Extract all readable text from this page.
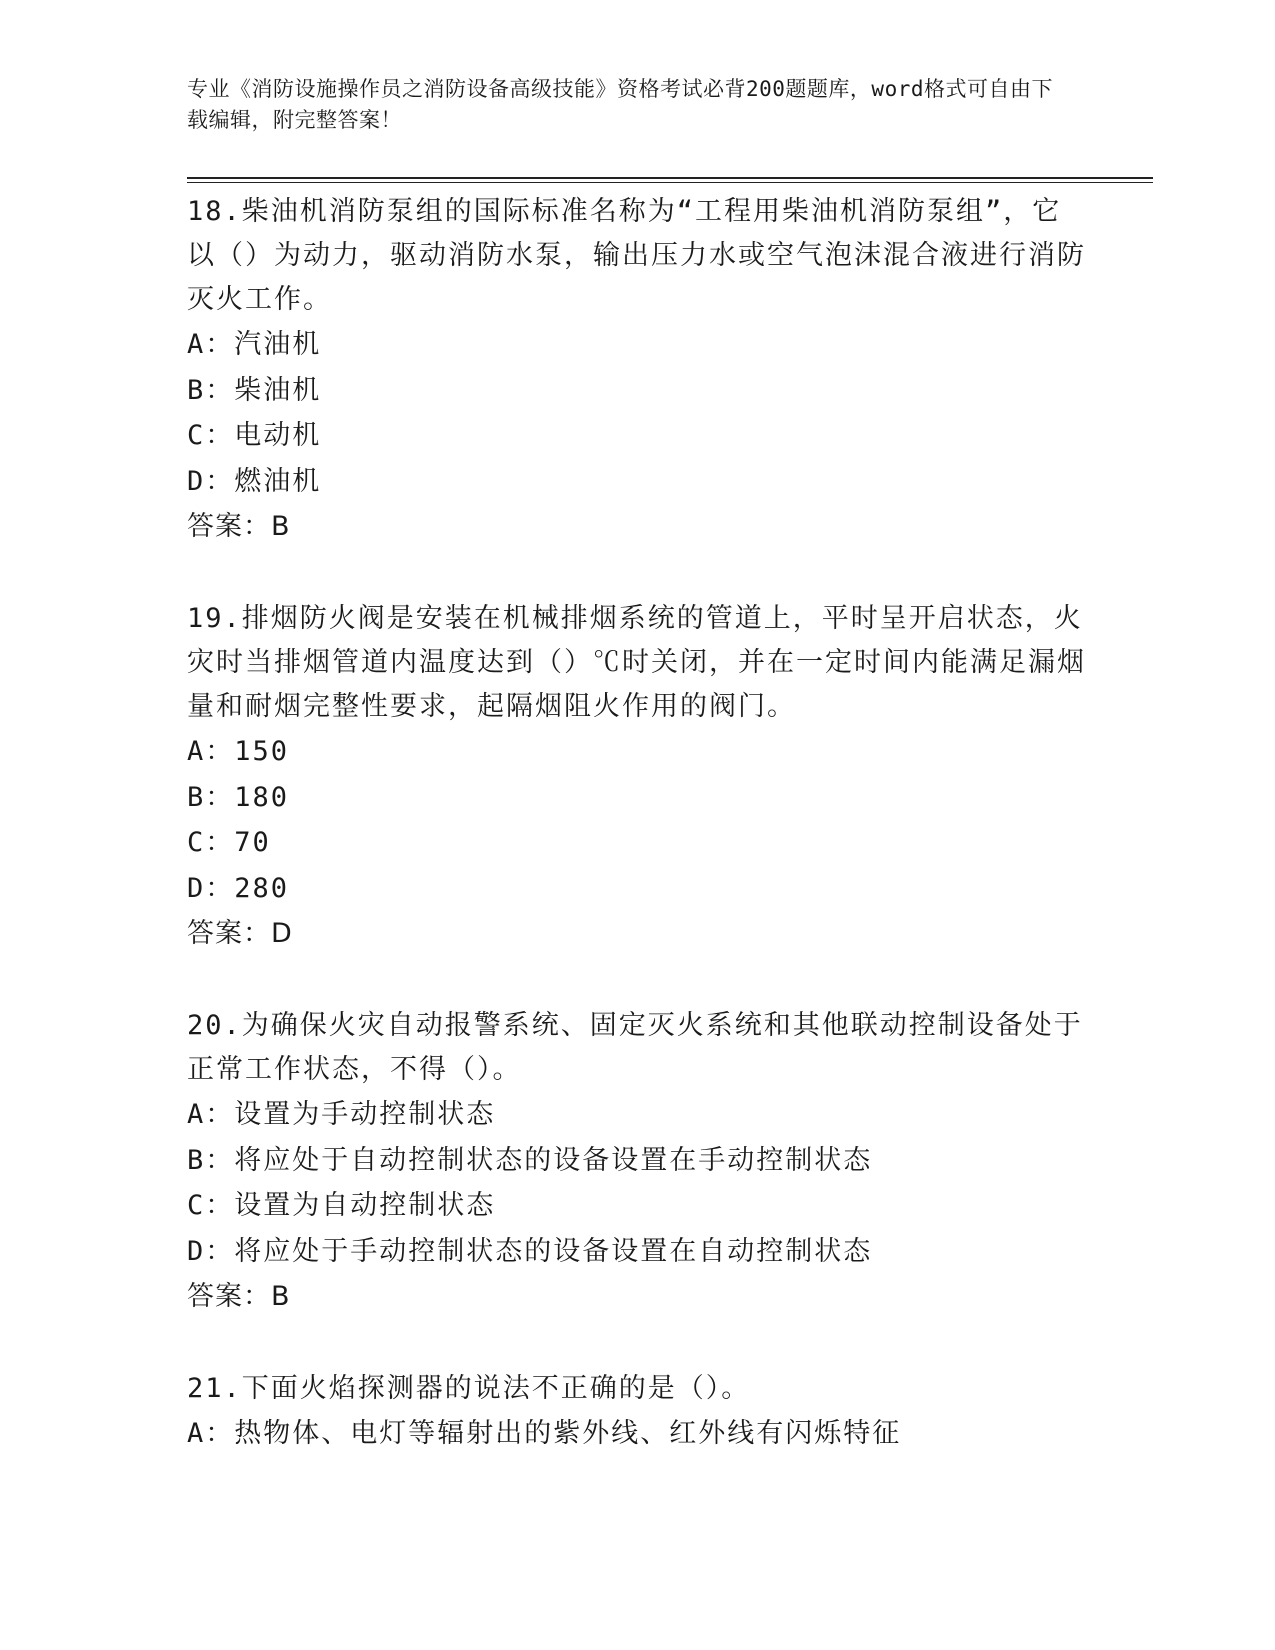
专业《消防设施操作员之消防设备高级技能》资格考试必背200题题库，word格式可自由下载编辑，附完整答案！
18.柴油机消防泵组的国际标准名称为“工程用柴油机消防泵组”，它以（）为动力，驱动消防水泵，输出压力水或空气泡沫混合液进行消防灭火工作。
A：汽油机
B：柴油机
C：电动机
D：燃油机
答案：B
19.排烟防火阀是安装在机械排烟系统的管道上，平时呈开启状态，火灾时当排烟管道内温度达到（）℃时关闭，并在一定时间内能满足漏烟量和耐烟完整性要求，起隔烟阻火作用的阀门。
A：150
B：180
C：70
D：280
答案：D
20.为确保火灾自动报警系统、固定灭火系统和其他联动控制设备处于正常工作状态，不得（）。
A：设置为手动控制状态
B：将应处于自动控制状态的设备设置在手动控制状态
C：设置为自动控制状态
D：将应处于手动控制状态的设备设置在自动控制状态
答案：B
21.下面火焰探测器的说法不正确的是（）。
A：热物体、电灯等辐射出的紫外线、红外线有闪烁特征
